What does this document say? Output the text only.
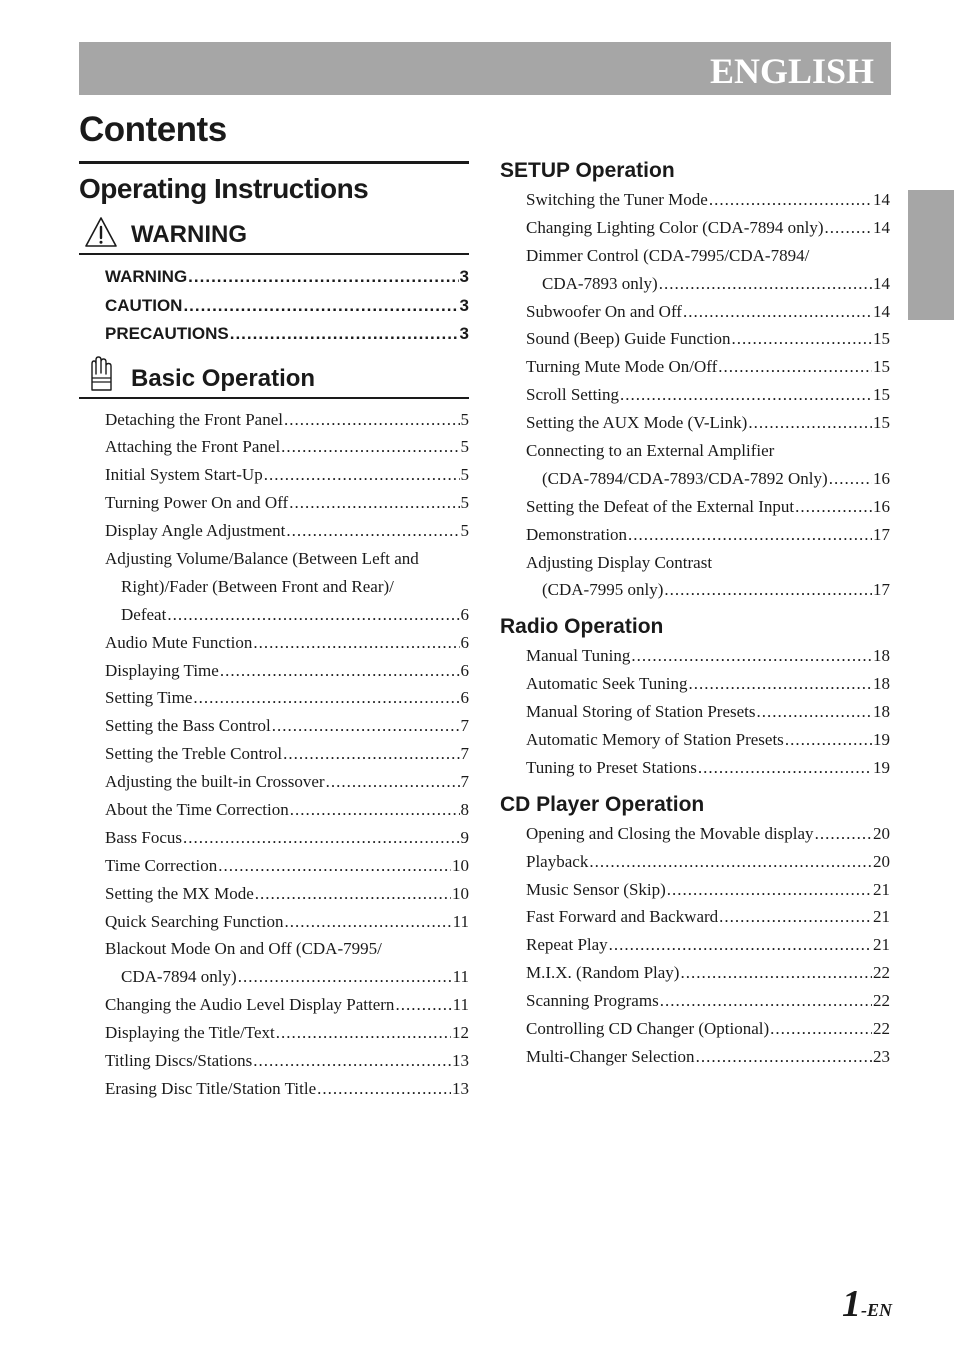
ENGLISH
Contents
Operating Instructions
WARNING
WARNING .....	3
CAUTION .....	3
PRECAUTIONS .....	3
Basic Operation
Detaching the Front Panel .....	5
Attaching the Front Panel .....	5
Initial System Start-Up .....	5
Turning Power On and Off .....	5
Display Angle Adjustment .....	5
Adjusting Volume/Balance (Between Left and
Right)/Fader (Between Front and Rear)/
Defeat .....	6
Audio Mute Function .....	6
Displaying Time .....	6
Setting Time .....	6
Setting the Bass Control .....	7
Setting the Treble Control .....	7
Adjusting the built-in Crossover .....	7
About the Time Correction .....	8
Bass Focus .....	9
Time Correction .....	10
Setting the MX Mode .....	10
Quick Searching Function .....	11
Blackout Mode On and Off (CDA-7995/
CDA-7894 only) .....	11
Changing the Audio Level Display Pattern .....	11
Displaying the Title/Text .....	12
Titling Discs/Stations .....	13
Erasing Disc Title/Station Title .....	13
SETUP Operation
Switching the Tuner Mode .....	14
Changing Lighting Color (CDA-7894 only) .....	14
Dimmer Control (CDA-7995/CDA-7894/
CDA-7893 only) .....	14
Subwoofer On and Off .....	14
Sound (Beep) Guide Function .....	15
Turning Mute Mode On/Off .....	15
Scroll Setting .....	15
Setting the AUX Mode (V-Link) .....	15
Connecting to an External Amplifier
(CDA-7894/CDA-7893/CDA-7892 Only) .....	16
Setting the Defeat of the External Input .....	16
Demonstration .....	17
Adjusting Display Contrast
(CDA-7995 only) .....	17
Radio Operation
Manual Tuning .....	18
Automatic Seek Tuning .....	18
Manual Storing of Station Presets .....	18
Automatic Memory of Station Presets .....	19
Tuning to Preset Stations .....	19
CD Player Operation
Opening and Closing the Movable display .....	20
Playback .....	20
Music Sensor (Skip) .....	21
Fast Forward and Backward .....	21
Repeat Play .....	21
M.I.X. (Random Play) .....	22
Scanning Programs .....	22
Controlling CD Changer (Optional) .....	22
Multi-Changer Selection .....	23
1-EN
